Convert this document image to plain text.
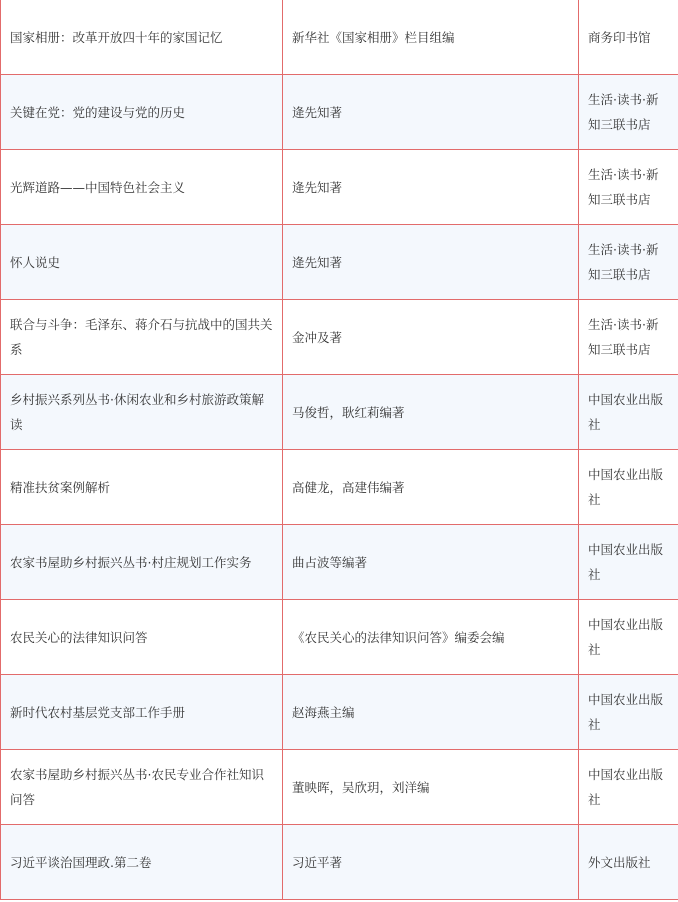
国家相册：改革开放四十年的家国记忆	新华社《国家相册》栏目组编	商务印书馆
关键在党：党的建设与党的历史	逄先知著	生活·读书·新知三联书店
光辉道路——中国特色社会主义	逄先知著	生活·读书·新知三联书店
怀人说史	逄先知著	生活·读书·新知三联书店
联合与斗争：毛泽东、蒋介石与抗战中的国共关系	金冲及著	生活·读书·新知三联书店
乡村振兴系列丛书·休闲农业和乡村旅游政策解读	马俊哲，耿红莉编著	中国农业出版社
精准扶贫案例解析	高健龙，高建伟编著	中国农业出版社
农家书屋助乡村振兴丛书·村庄规划工作实务	曲占波等编著	中国农业出版社
农民关心的法律知识问答	《农民关心的法律知识问答》编委会编	中国农业出版社
新时代农村基层党支部工作手册	赵海燕主编	中国农业出版社
农家书屋助乡村振兴丛书·农民专业合作社知识问答	董映晖，吴欣玥，刘洋编	中国农业出版社
习近平谈治国理政.第二卷	习近平著	外文出版社
